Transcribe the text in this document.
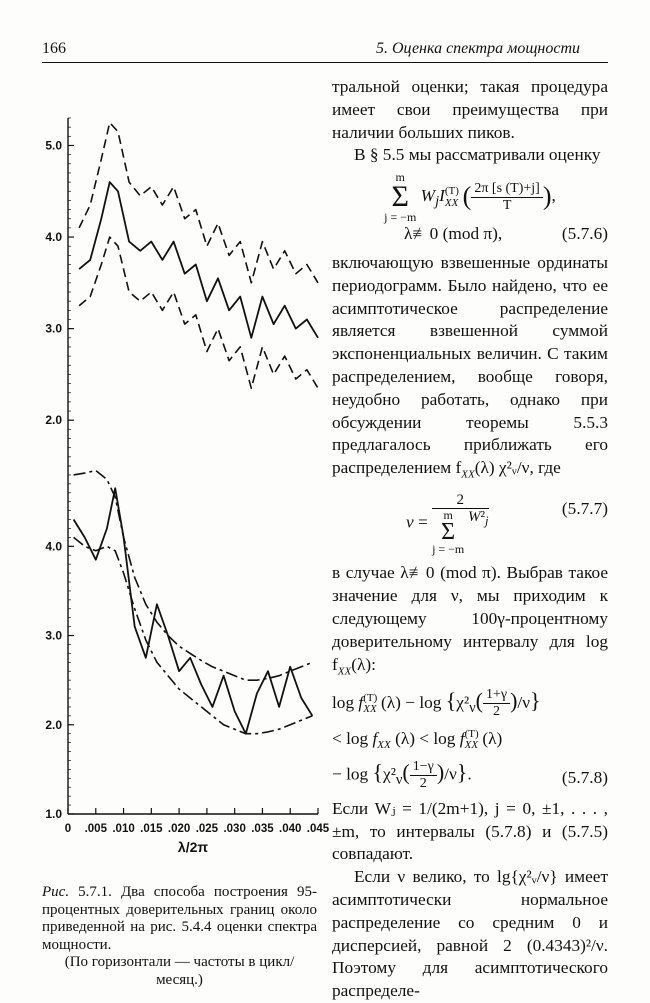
166	5. Оценка спектра мощности
5.0
4.0
3.0
2.0
4.0
3.0
2.0
1.0
0 .005 .010 .015 .020 .025 .030 .035 .040 .045
λ/2π
Рис. 5.7.1. Два способа построения 95-процентных доверительных границ около приведенной на рис. 5.4.4 оценки спектра мощности.
(По горизонтали — частоты в цикл/месяц.)

тральной оценки; такая процедура имеет свои преимущества при наличии больших пиков.

В § 5.5 мы рассматривали оценку

m
Σ
j = −m $W_jI^{(T)}_{XX}$ ( $\frac{2\pi [s (T)+j]}{T}$ ),
λ≢0 (mod π),	(5.7.6)

включающую взвешенные ординаты периодограмм. Было найдено, что ее асимптотическое распределение является взвешенной суммой экспоненциальных величин. С таким распределением, вообще говоря, неудобно работать, однако при обсуждении теоремы 5.5.3 предлагалось приближать его распределением $f_{XX}(\lambda)$ χ²ᵥ/ν, где

ν = 2
m
Σ
j = −m $W^2_j$	(5.7.7)

в случае λ≢0 (mod π). Выбрав такое значение для ν, мы приходим к следующему 100γ-процентному доверительному интервалу для $\log f_{XX}(\lambda)$:

$\log f^{(T)}_{XX}$ $(\lambda) - \log \{\chi^2_\nu( \frac{1+\gamma}{2} )/\nu\}$
< $\log f_{XX}$ $(\lambda) < \log f^{(T)}_{XX}$ (λ)
− $\log \{\chi^2_\nu( \frac{1-\gamma}{2} )/\nu\}$.	(5.7.8)

Если Wⱼ = 1/(2m+1), j = 0, ±1, . . . , ±m, то интервалы (5.7.8) и (5.7.5) совпадают.

Если ν велико, то lg{χ²ᵥ/ν} имеет асимптотически нормальное распределение со средним 0 и дисперсией, равной 2 (0.4343)²/ν. Поэтому для асимптотического распределе-
